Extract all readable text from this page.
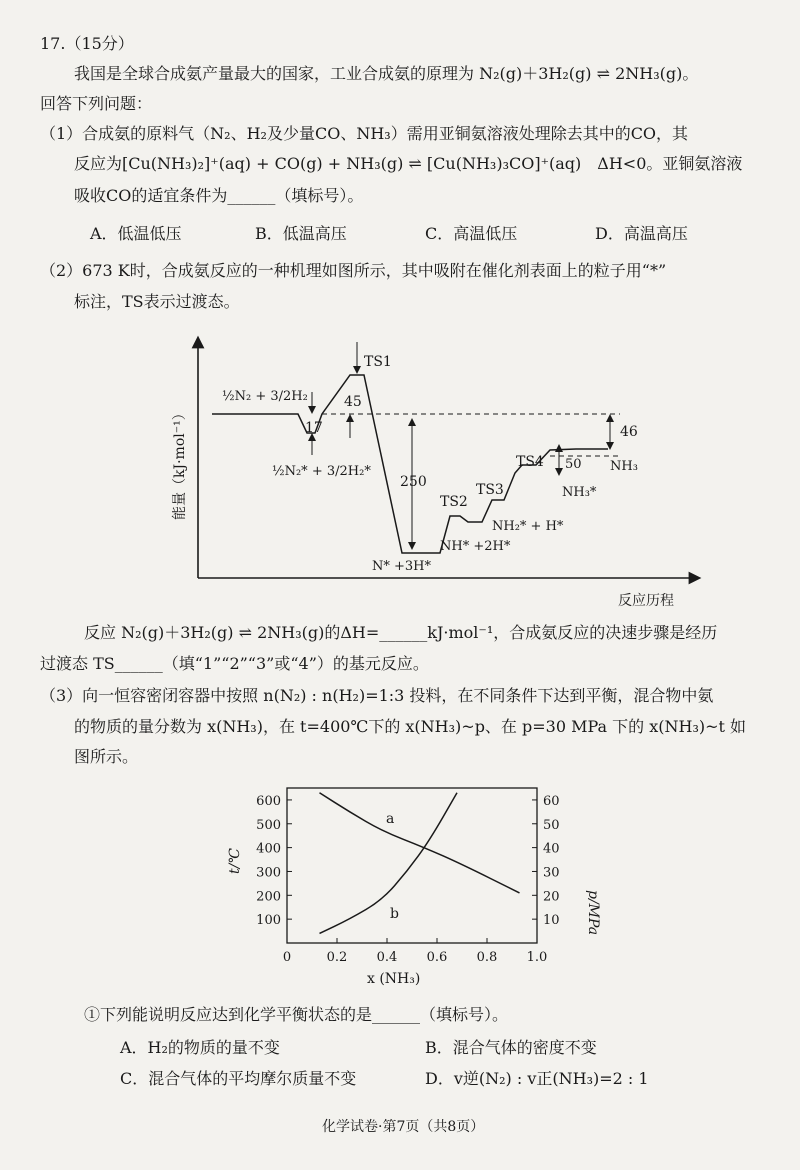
17.（15分）
我国是全球合成氨产量最大的国家，工业合成氨的原理为 N₂(g)＋3H₂(g) ⇌ 2NH₃(g)。
回答下列问题：
（1）合成氨的原料气（N₂、H₂及少量CO、NH₃）需用亚铜氨溶液处理除去其中的CO，其
反应为[Cu(NH₃)₂]⁺(aq) + CO(g) + NH₃(g) ⇌ [Cu(NH₃)₃CO]⁺(aq)　ΔH<0。亚铜氨溶液
吸收CO的适宜条件为______（填标号）。
A．低温低压	B．低温高压	C．高温低压	D．高温高压
（2）673 K时，合成氨反应的一种机理如图所示，其中吸附在催化剂表面上的粒子用“*”
标注，TS表示过渡态。
能量（kJ·mol⁻¹）
反应历程
½N₂ + 3/2H₂
½N₂* + 3/2H₂*
17
45
250
50
46
TS1
TS2
TS3
TS4
N* +3H*
NH* +2H*
NH₂* + H*
NH₃*
NH₃
反应 N₂(g)＋3H₂(g) ⇌ 2NH₃(g)的ΔH=______kJ·mol⁻¹，合成氨反应的决速步骤是经历
过渡态 TS______（填“1”“2”“3”或“4”）的基元反应。
（3）向一恒容密闭容器中按照 n(N₂) : n(H₂)=1:3 投料，在不同条件下达到平衡，混合物中氨
的物质的量分数为 x(NH₃)，在 t=400℃下的 x(NH₃)~p、在 p=30 MPa 下的 x(NH₃)~t 如
图所示。
0	0.2 0.4 0.6 0.8 1.0
100
200
300
400
500
600
10
20
30
40
50
60
a
b
t/℃
p/MPa
x (NH₃)
①下列能说明反应达到化学平衡状态的是______（填标号）。
A．H₂的物质的量不变	B．混合气体的密度不变
C．混合气体的平均摩尔质量不变	D．v逆(N₂) : v正(NH₃)=2 : 1
化学试卷·第7页（共8页）
